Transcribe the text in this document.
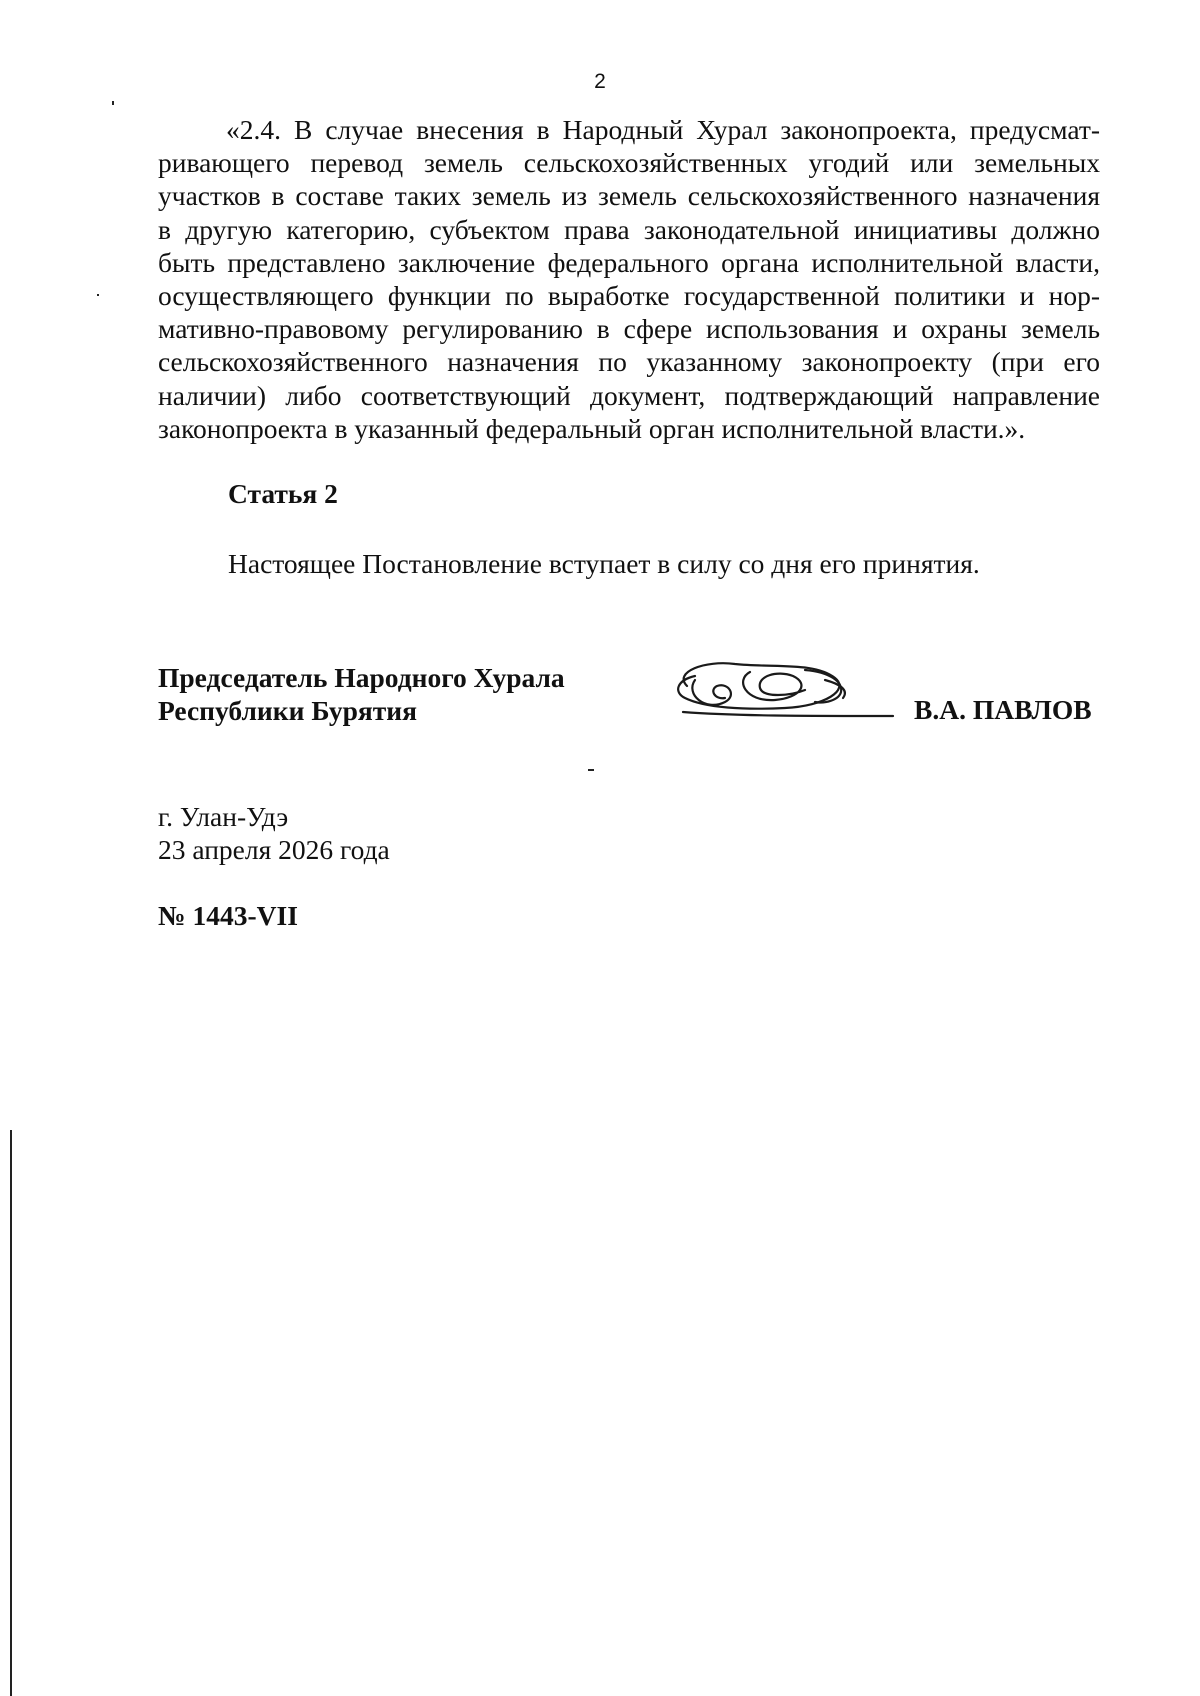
2
«2.4. В случае внесения в Народный Хурал законопроекта, предусмат-
ривающего перевод земель сельскохозяйственных угодий или земельных
участков в составе таких земель из земель сельскохозяйственного назначения
в другую категорию, субъектом права законодательной инициативы должно
быть представлено заключение федерального органа исполнительной власти,
осуществляющего функции по выработке государственной политики и нор-
мативно-правовому регулированию в сфере использования и охраны земель
сельскохозяйственного назначения по указанному законопроекту (при его
наличии) либо соответствующий документ, подтверждающий направление
законопроекта в указанный федеральный орган исполнительной власти.».
Статья 2
Настоящее Постановление вступает в силу со дня его принятия.
Председатель Народного Хурала
Республики Бурятия	В.А. ПАВЛОВ
г. Улан-Удэ
23 апреля 2026 года
№ 1443-VII
